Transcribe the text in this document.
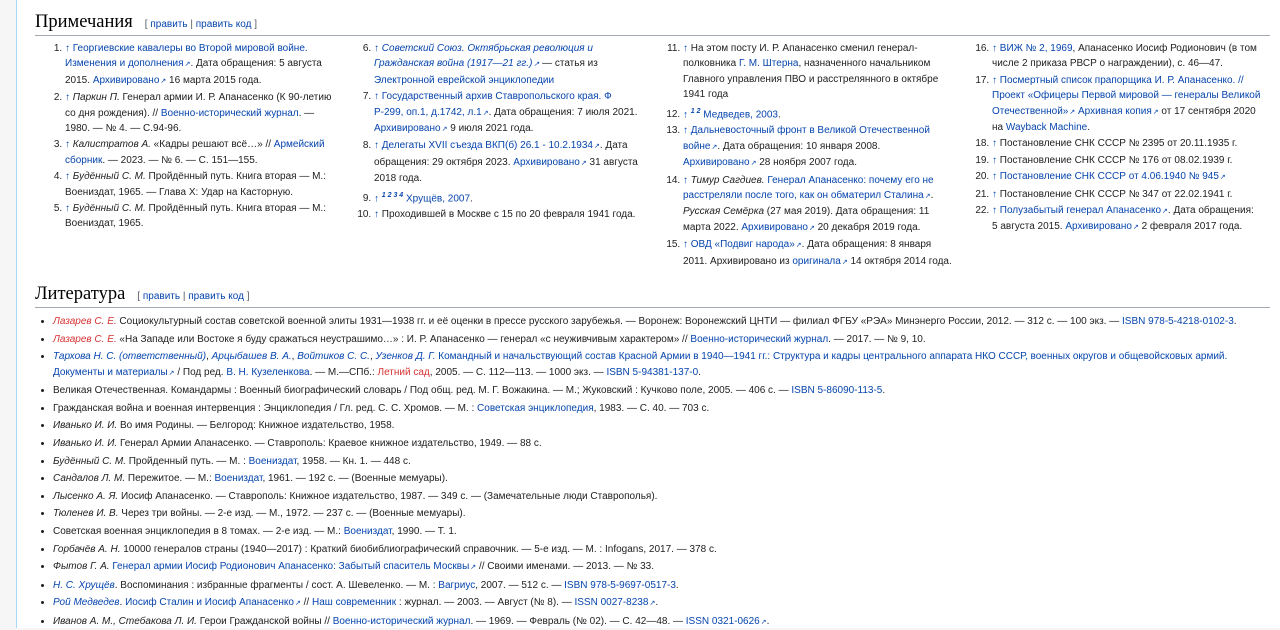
Примечания [ править | править код ]
1. ↑ Георгиевские кавалеры во Второй мировой войне. Изменения и дополнения ↗ . Дата обращения: 5 августа 2015. Архивировано ↗ 16 марта 2015 года.
2. ↑ Паркин П. Генерал армии И. Р. Апанасенко (К 90-летию со дня рождения). // Военно-исторический журнал. — 1980. — № 4. — С.94-96.
3. ↑ Калистратов А. «Кадры решают всё…» // Армейский сборник. — 2023. — № 6. — С. 151—155.
4. ↑ Будённый С. М. Пройдённый путь. Книга вторая — М.: Воениздат, 1965. — Глава X: Удар на Касторную.
5. ↑ Будённый С. М. Пройдённый путь. Книга вторая — М.: Воениздат, 1965.
6. ↑ Советский Союз. Октябрьская революция и Гражданская война (1917—21 гг.) ↗ — статья из Электронной еврейской энциклопедии
7. ↑ Государственный архив Ставропольского края. Ф Р-299, оп.1, д.1742, л.1 ↗ . Дата обращения: 7 июля 2021. Архивировано ↗ 9 июля 2021 года.
8. ↑ Делегаты XVII съезда ВКП(б) 26.1 - 10.2.1934 ↗ . Дата обращения: 29 октября 2023. Архивировано ↗ 31 августа 2018 года.
9. ↑ $^{1 2 3 4}$ Хрущёв, 2007.
10. ↑ Проходившей в Москве с 15 по 20 февраля 1941 года.
11. ↑ На этом посту И. Р. Апанасенко сменил генерал-полковника Г. М. Штерна, назначенного начальником Главного управления ПВО и расстрелянного в октябре 1941 года
12. ↑ $^{1 2}$ Медведев, 2003.
13. ↑ Дальневосточный фронт в Великой Отечественной войне ↗ . Дата обращения: 10 января 2008. Архивировано ↗ 28 ноября 2007 года.
14. ↑ Тимур Сагдиев. Генерал Апанасенко: почему его не расстреляли после того, как он обматерил Сталина ↗ . Русская Семёрка (27 мая 2019). Дата обращения: 11 марта 2022. Архивировано ↗ 20 декабря 2019 года.
15. ↑ ОВД «Подвиг народа» ↗ . Дата обращения: 8 января 2011. Архивировано из оригинала ↗ 14 октября 2014 года.
16. ↑ ВИЖ № 2, 1969, Апанасенко Иосиф Родионович (в том числе 2 приказа РВСР о награждении), с. 46—47.
17. ↑ Посмертный список прапорщика И. Р. Апанасенко. // Проект «Офицеры Первой мировой — генералы Великой Отечественной» ↗ Архивная копия ↗ от 17 сентября 2020 на Wayback Machine.
18. ↑ Постановление СНК СССР № 2395 от 20.11.1935 г.
19. ↑ Постановление СНК СССР № 176 от 08.02.1939 г.
20. ↑ Постановление СНК СССР от 4.06.1940 № 945 ↗
21. ↑ Постановление СНК СССР № 347 от 22.02.1941 г.
22. ↑ Полузабытый генерал Апанасенко ↗ . Дата обращения: 5 августа 2015. Архивировано ↗ 2 февраля 2017 года.
Литература [ править | править код ]
• Лазарев С. Е. Социокультурный состав советской военной элиты 1931—1938 гг. и её оценки в прессе русского зарубежья. — Воронеж: Воронежский ЦНТИ — филиал ФГБУ «РЭА» Минэнерго России, 2012. — 312 с. — 100 экз. — ISBN 978-5-4218-0102-3.
• Лазарев С. Е. «На Западе или Востоке я буду сражаться неустрашимо…» : И. Р. Апанасенко — генерал «с неуживчивым характером» // Военно-исторический журнал. — 2017. — № 9, 10.
• Тархова Н. С. (ответственный), Арцыбашев В. А., Войтиков С. С., Узенков Д. Г. Командный и начальствующий состав Красной Армии в 1940—1941 гг.: Структура и кадры центрального аппарата НКО СССР, военных округов и общевойсковых армий. Документы и материалы ↗ / Под ред. В. Н. Кузеленкова. — М.—СПб.: Летний сад, 2005. — С. 112—113. — 1000 экз. — ISBN 5-94381-137-0.
• Великая Отечественная. Командармы : Военный биографический словарь / Под общ. ред. М. Г. Вожакина. — М.; Жуковский : Кучково поле, 2005. — 406 с. — ISBN 5-86090-113-5.
• Гражданская война и военная интервенция : Энциклопедия / Гл. ред. С. С. Хромов. — М. : Советская энциклопедия, 1983. — С. 40. — 703 с.
• Иванько И. И. Во имя Родины. — Белгород: Книжное издательство, 1958.
• Иванько И. И. Генерал Армии Апанасенко. — Ставрополь: Краевое книжное издательство, 1949. — 88 с.
• Будённый С. М. Пройденный путь. — М. : Воениздат, 1958. — Кн. 1. — 448 с.
• Сандалов Л. М. Пережитое. — М.: Воениздат, 1961. — 192 с. — (Военные мемуары).
• Лысенко А. Я. Иосиф Апанасенко. — Ставрополь: Книжное издательство, 1987. — 349 с. — (Замечательные люди Ставрополья).
• Тюленев И. В. Через три войны. — 2-е изд. — М., 1972. — 237 с. — (Военные мемуары).
• Советская военная энциклопедия в 8 томах. — 2-е изд. — М.: Воениздат, 1990. — Т. 1.
• Горбачёв А. Н. 10000 генералов страны (1940—2017) : Краткий биобиблиографический справочник. — 5-е изд. — М. : Infogans, 2017. — 378 с.
• Фытов Г. А. Генерал армии Иосиф Родионович Апанасенко: Забытый спаситель Москвы ↗ // Своими именами. — 2013. — № 33.
• Н. С. Хрущёв. Воспоминания : избранные фрагменты / сост. А. Шевеленко. — М. : Вагриус, 2007. — 512 с. — ISBN 978-5-9697-0517-3.
• Рой Медведев. Иосиф Сталин и Иосиф Апанасенко ↗ // Наш современник : журнал. — 2003. — Август (№ 8). — ISSN 0027-8238 ↗ .
• Иванов А. М., Стебакова Л. И. Герои Гражданской войны // Военно-исторический журнал. — 1969. — Февраль (№ 02). — С. 42—48. — ISSN 0321-0626 ↗ .
